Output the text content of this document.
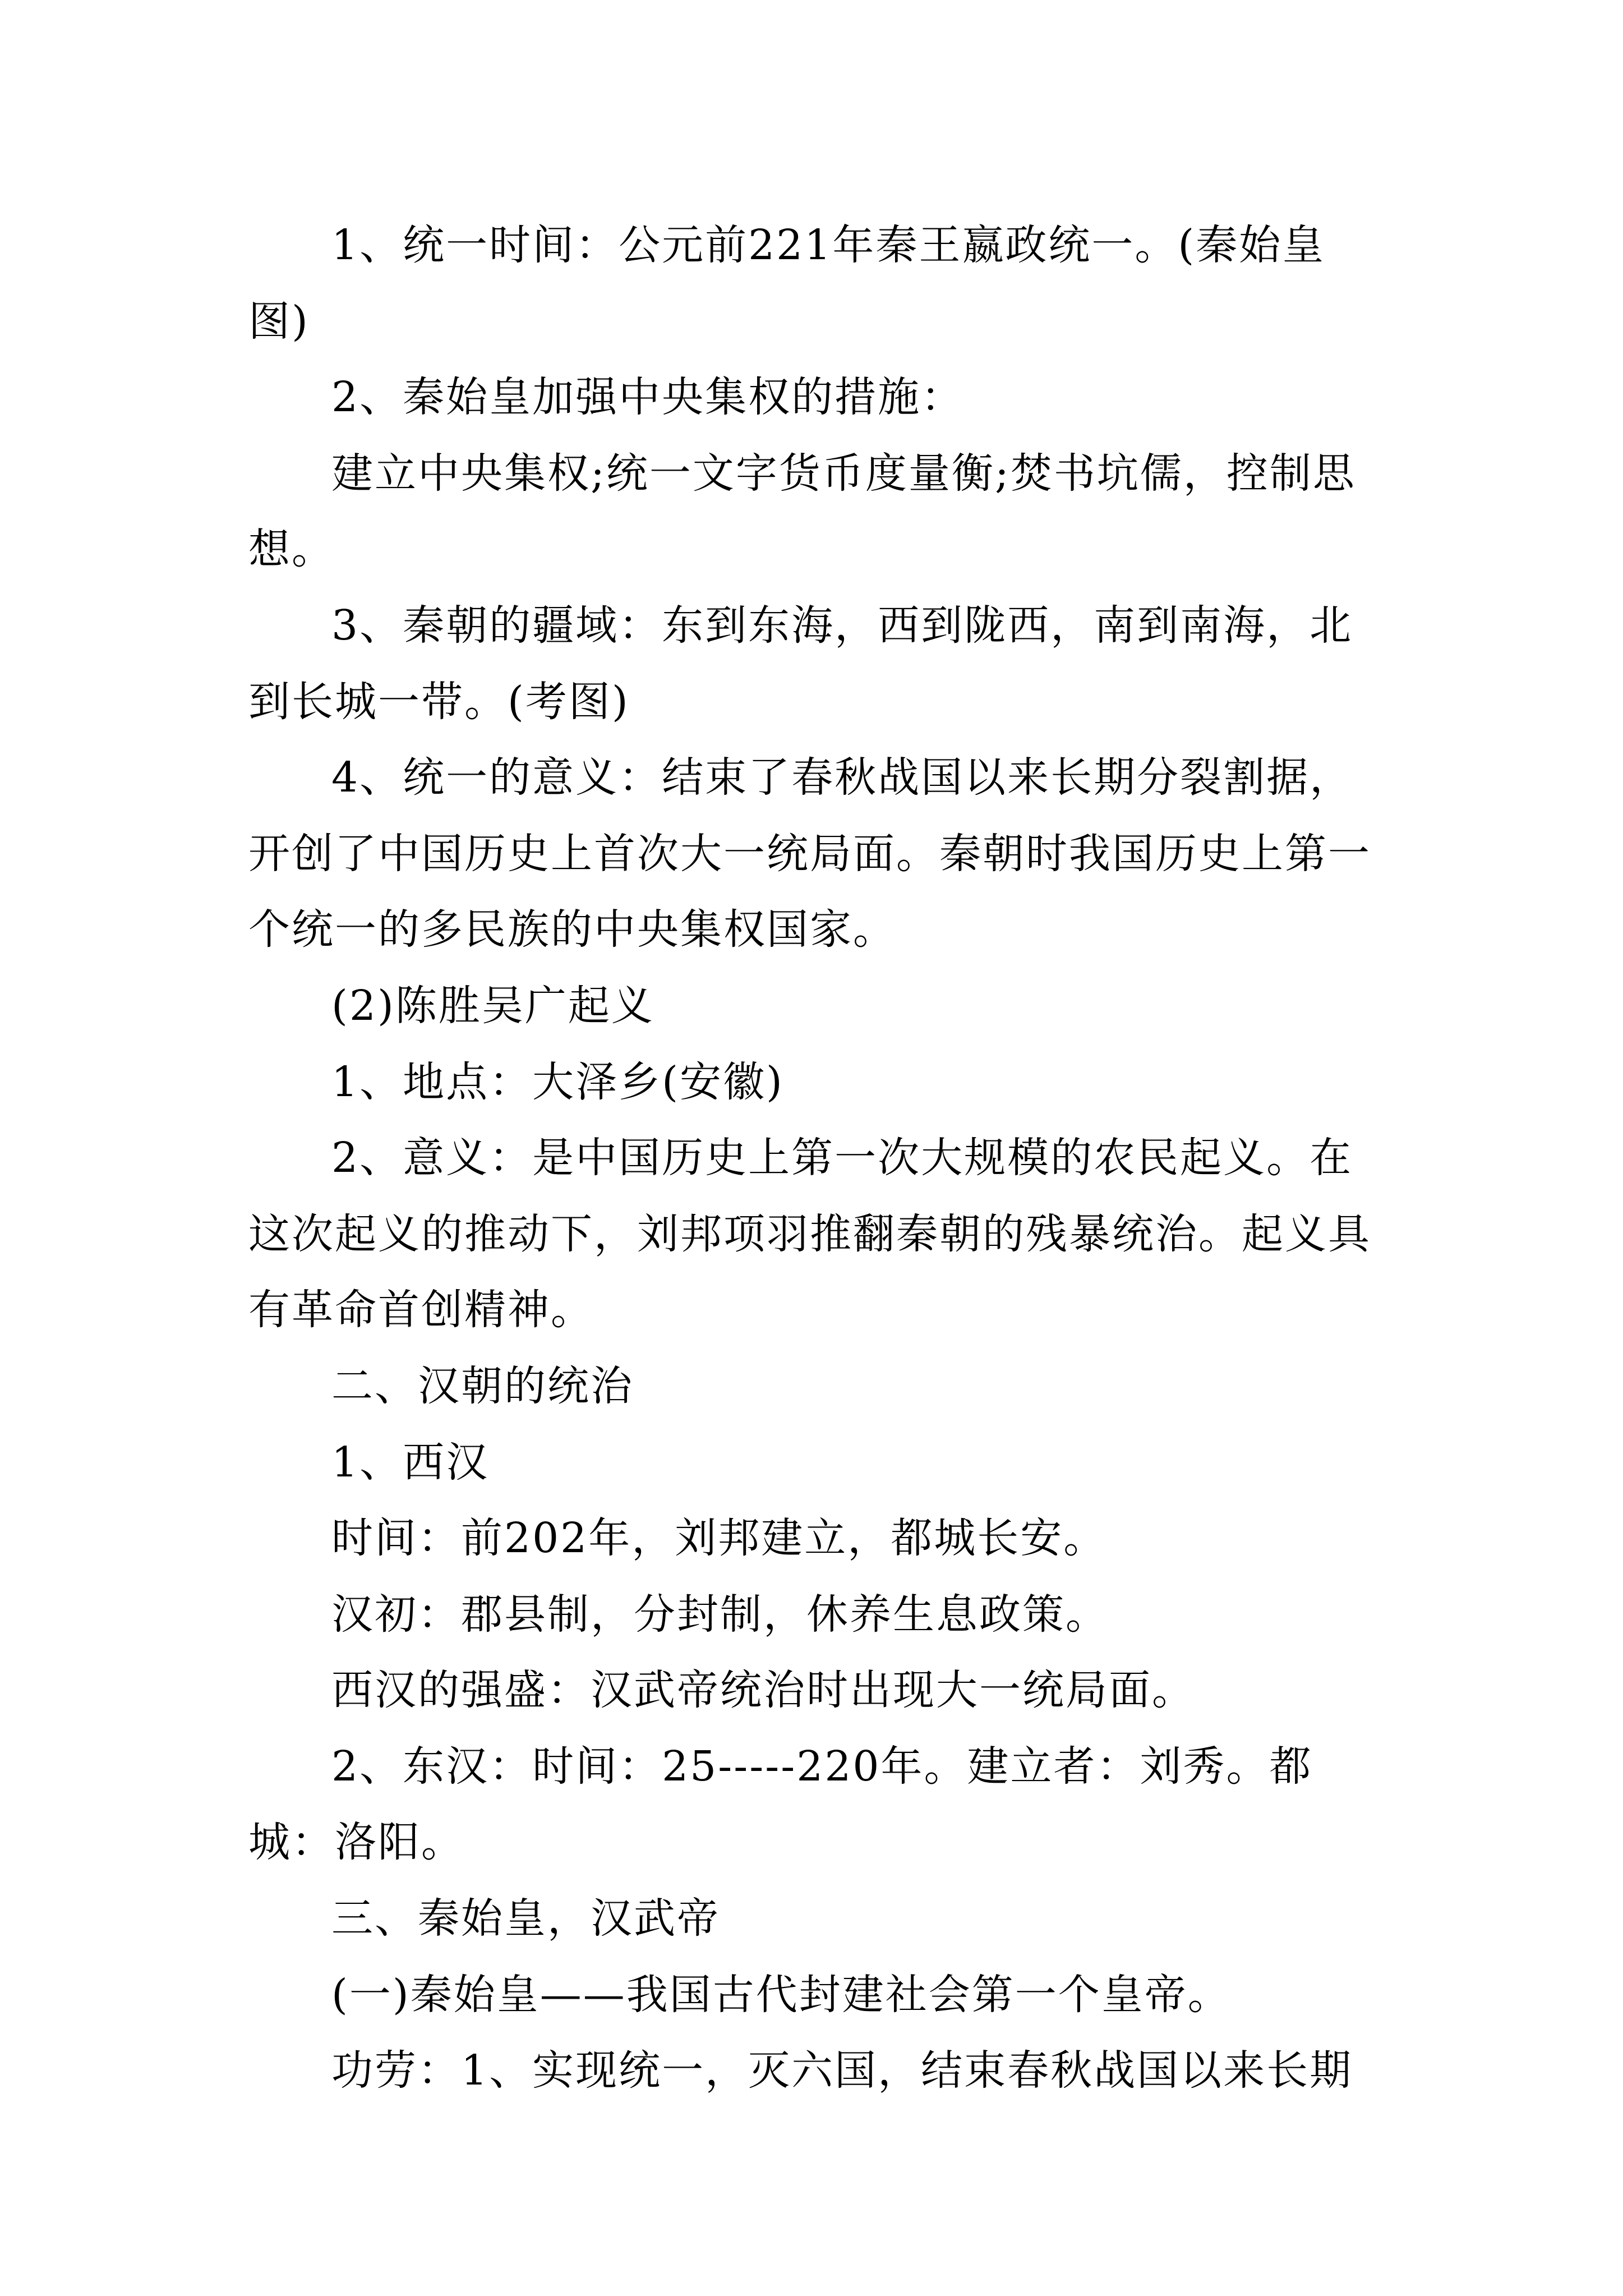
1、统一时间：公元前221年秦王嬴政统一。(秦始皇图)

2、秦始皇加强中央集权的措施：

建立中央集权;统一文字货币度量衡;焚书坑儒，控制思想。

3、秦朝的疆域：东到东海，西到陇西，南到南海，北到长城一带。(考图)

4、统一的意义：结束了春秋战国以来长期分裂割据，开创了中国历史上首次大一统局面。秦朝时我国历史上第一个统一的多民族的中央集权国家。

(2)陈胜吴广起义

1、地点：大泽乡(安徽)

2、意义：是中国历史上第一次大规模的农民起义。在这次起义的推动下，刘邦项羽推翻秦朝的残暴统治。起义具有革命首创精神。

二、汉朝的统治

1、西汉

时间：前202年，刘邦建立，都城长安。

汉初：郡县制，分封制，休养生息政策。

西汉的强盛：汉武帝统治时出现大一统局面。

2、东汉：时间：25-----220年。建立者：刘秀。都城：洛阳。

三、秦始皇，汉武帝

(一)秦始皇——我国古代封建社会第一个皇帝。

功劳：1、实现统一，灭六国，结束春秋战国以来长期
